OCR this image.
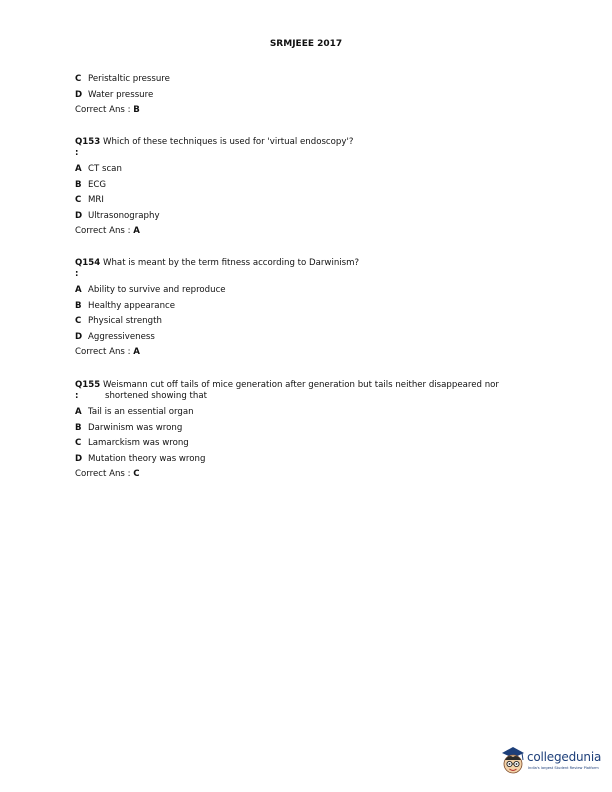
SRMJEEE 2017
C Peristaltic pressure
D Water pressure
Correct Ans : B
Q153 Which of these techniques is used for 'virtual endoscopy'?
:
A CT scan
B ECG
C MRI
D Ultrasonography
Correct Ans : A
Q154 What is meant by the term fitness according to Darwinism?
:
A Ability to survive and reproduce
B Healthy appearance
C Physical strength
D Aggressiveness
Correct Ans : A
Q155 Weismann cut off tails of mice generation after generation but tails neither disappeared nor
:	shortened showing that
A Tail is an essential organ
B Darwinism was wrong
C Lamarckism was wrong
D Mutation theory was wrong
Correct Ans : C
collegedunia
India's largest Student Review Platform
